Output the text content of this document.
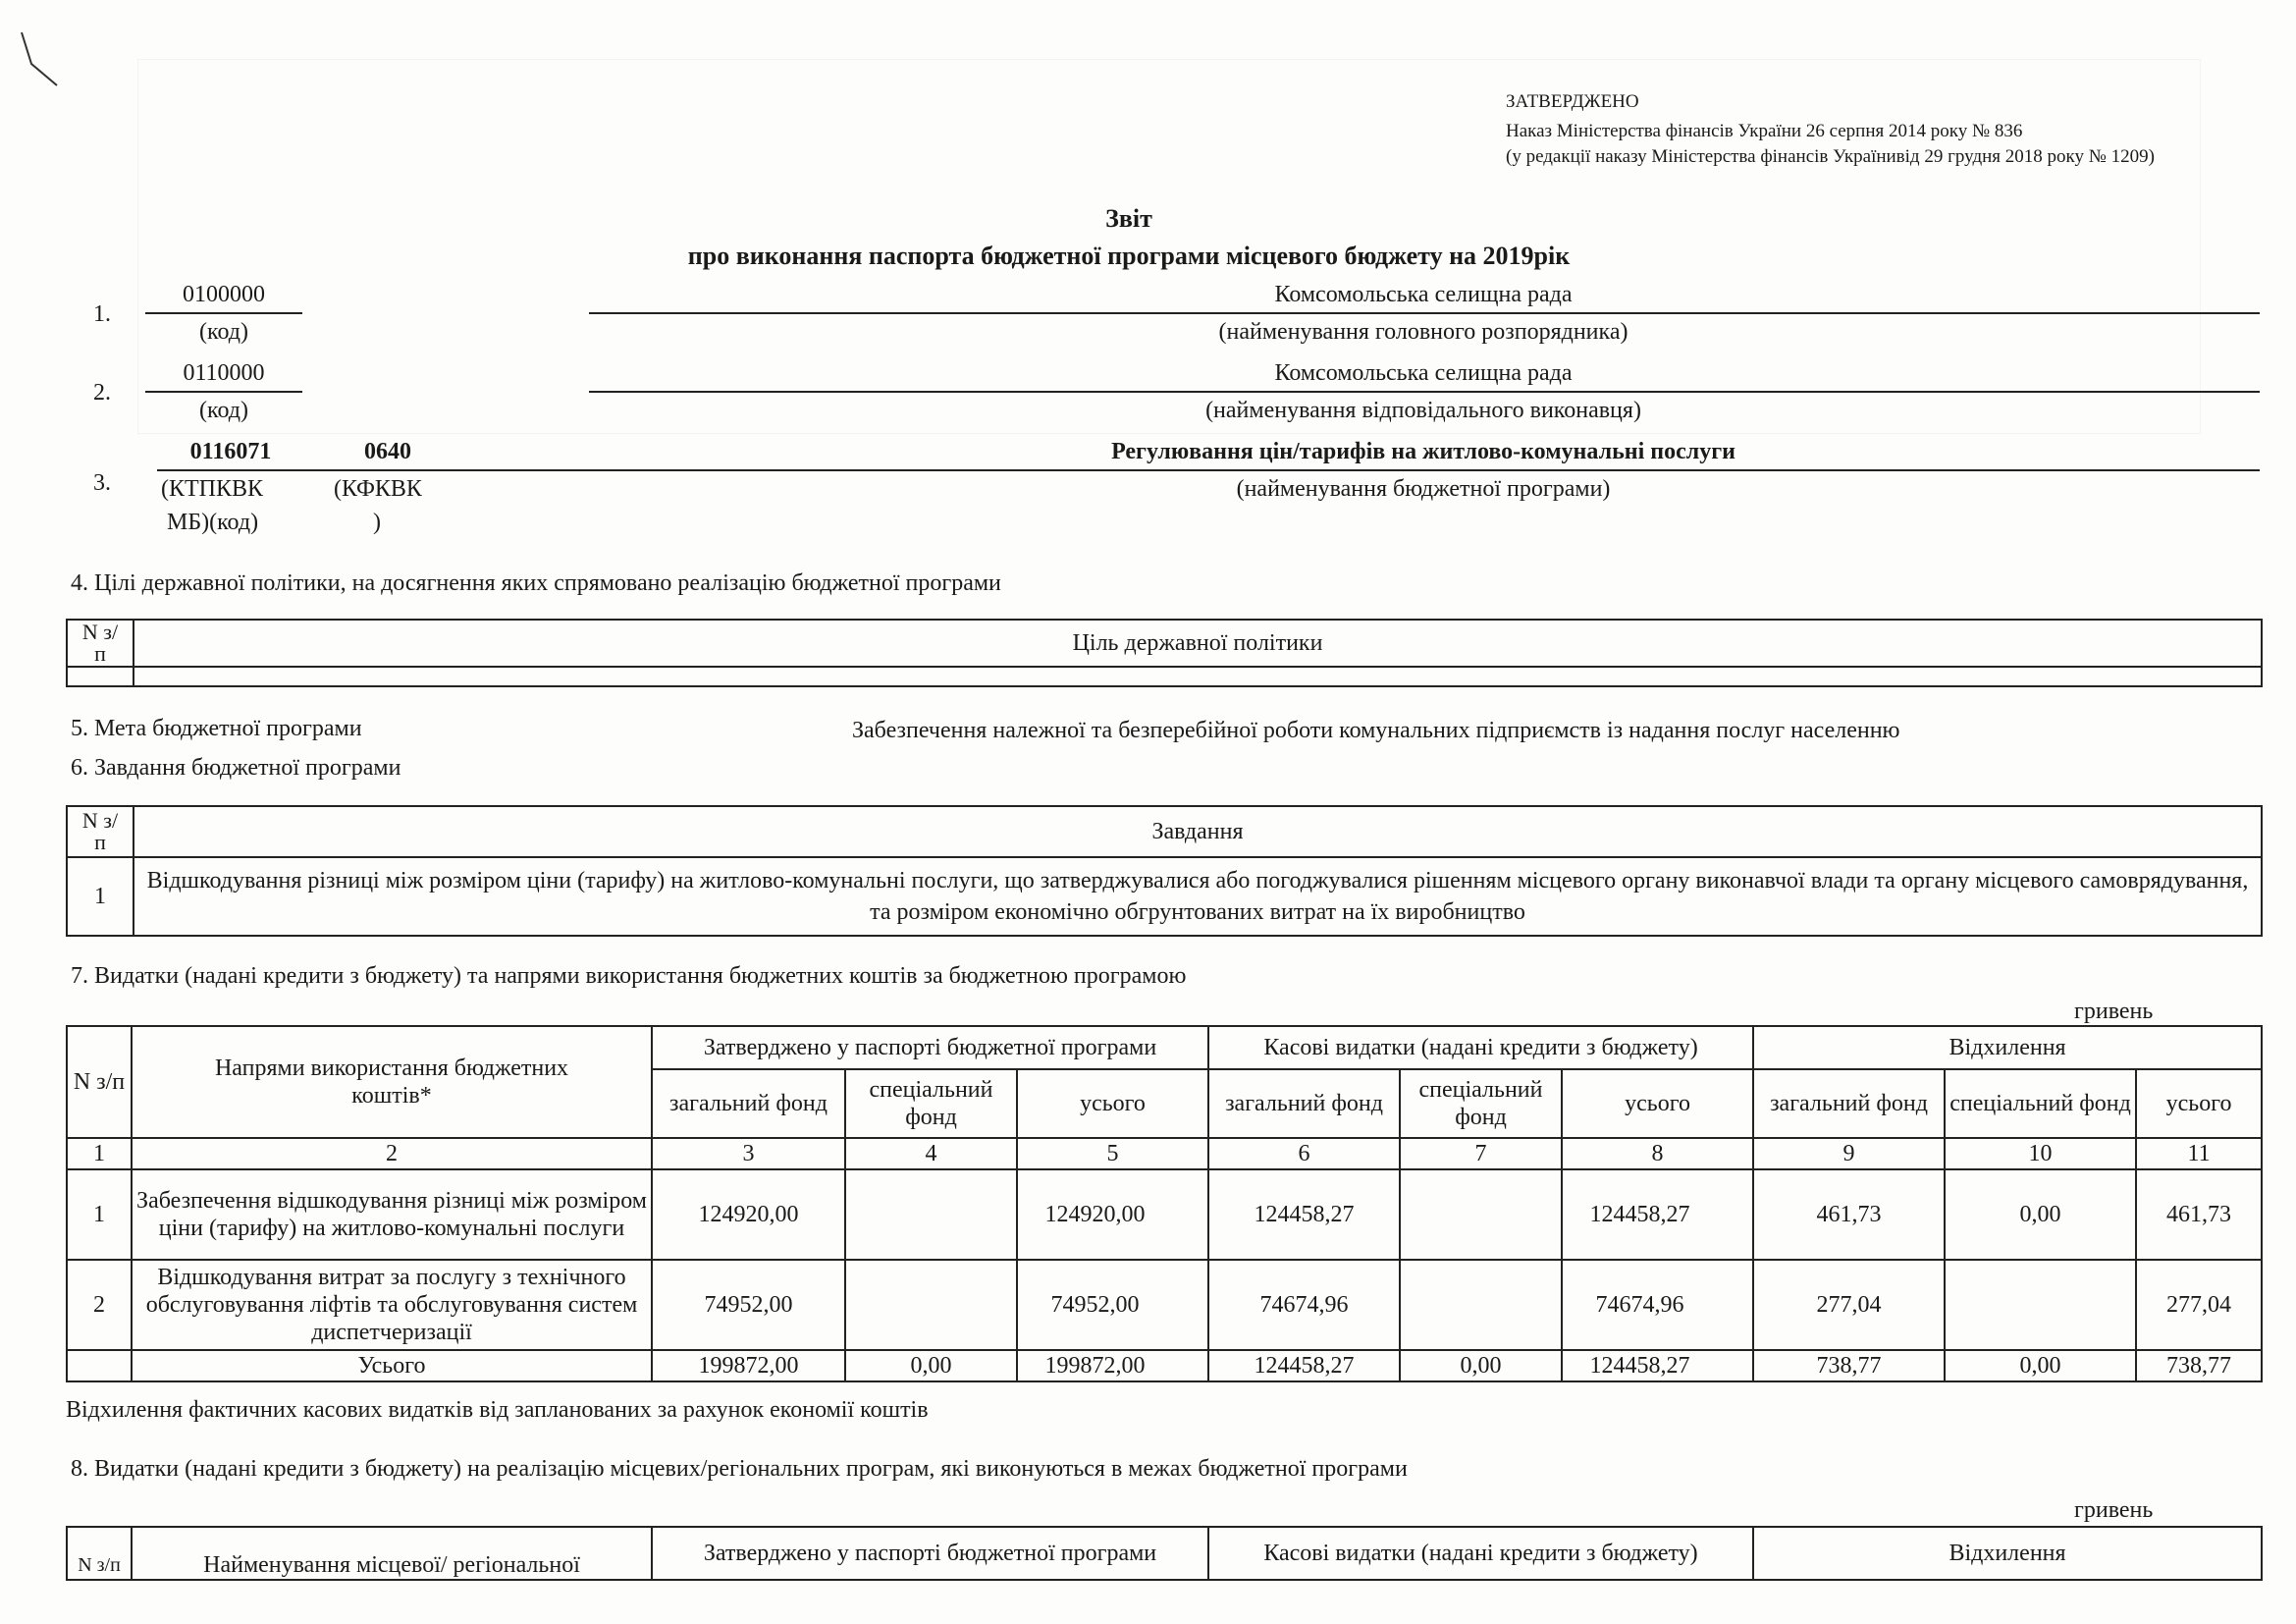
ЗАТВЕРДЖЕНО
Наказ Міністерства фінансів України 26 серпня 2014 року № 836
(у редакції наказу Міністерства фінансів Українивід 29 грудня 2018 року № 1209)
Звіт
про виконання паспорта бюджетної програми місцевого бюджету на 2019рік
1.
0100000
(код)
Комсомольська селищна рада
(найменування головного розпорядника)
2.
0110000
(код)
Комсомольська селищна рада
(найменування відповідального виконавця)
3.
0116071	0640
(КТПКВК
МБ)(код)
(КФКВК
)
Регулювання цін/тарифів на житлово-комунальні послуги
(найменування бюджетної програми)
4. Цілі державної політики, на досягнення яких спрямовано реалізацію бюджетної програми
N з/п	Ціль державної політики

5. Мета бюджетної програми	Забезпечення належної та безперебійної роботи комунальних підприємств із надання послуг населенню
6. Завдання бюджетної програми
N з/п	Завдання
1	Відшкодування різниці між розміром ціни (тарифу) на житлово-комунальні послуги, що затверджувалися або погоджувалися рішенням місцевого органу виконавчої влади та органу місцевого самоврядування, та розміром економічно обгрунтованих витрат на їх виробництво
7. Видатки (надані кредити з бюджету) та напрями використання бюджетних коштів за бюджетною програмою
гривень
N з/п	Напрями використання бюджетних коштів*	Затверджено у паспорті бюджетної програми			Касові видатки (надані кредити з бюджету)			Відхилення		
		загальний фонд	спеціальний фонд	усього	загальний фонд	спеціальний фонд	усього	загальний фонд	спеціальний фонд	усього
1	2	3	4	5	6	7	8	9	10	11
1	Забезпечення відшкодування різниці між розміром ціни (тарифу) на житлово-комунальні послуги	124920,00		124920,00	124458,27		124458,27	461,73	0,00	461,73
2	Відшкодування витрат за послугу з технічного обслуговування ліфтів та обслуговування систем диспетчеризації	74952,00		74952,00	74674,96		74674,96	277,04		277,04
	Усього	199872,00	0,00	199872,00	124458,27	0,00	124458,27	738,77	0,00	738,77
Відхилення фактичних касових видатків від запланованих за рахунок економії коштів
8. Видатки (надані кредити з бюджету) на реалізацію місцевих/регіональних програм, які виконуються в межах бюджетної програми
гривень
N з/п	Найменування місцевої/ регіональної	Затверджено у паспорті бюджетної програми	Касові видатки (надані кредити з бюджету)	Відхилення
